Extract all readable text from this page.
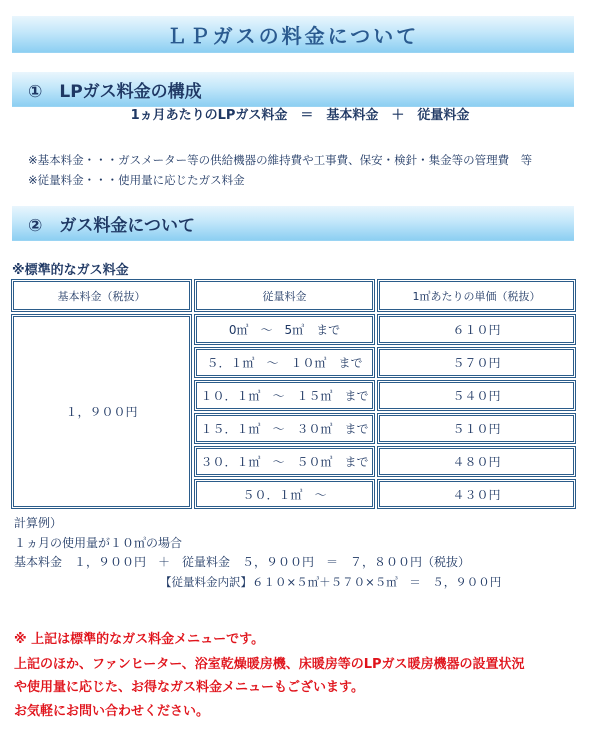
ＬＰガスの料金について
①　LPガス料金の構成
1ヵ月あたりのLPガス料金　＝　基本料金　＋　従量料金
※基本料金・・・ガスメーター等の供給機器の維持費や工事費、保安・検針・集金等の管理費　等
※従量料金・・・使用量に応じたガス料金
②　ガス料金について
※標準的なガス料金
基本料金（税抜）	従量料金	1㎥あたりの単価（税抜）
１，９００円
0㎥　～　5㎥　まで	６１０円
５．１㎥　～　１０㎥　まで	５７０円
１０．１㎥　～　１５㎥　まで	５４０円
１５．１㎥　～　３０㎥　まで	５１０円
３０．１㎥　～　５０㎥　まで	４８０円
５０．１㎥　～	４３０円
計算例）
１ヵ月の使用量が１０㎥の場合
基本料金　１，９００円　＋　従量料金　５，９００円　＝　７，８００円（税抜）
【従量料金内訳】６１０×５㎥＋５７０×５㎥　＝　５，９００円
※ 上記は標準的なガス料金メニューです。
上記のほか、ファンヒーター、浴室乾燥暖房機、床暖房等のLPガス暖房機器の設置状況
や使用量に応じた、お得なガス料金メニューもございます。
お気軽にお問い合わせください。
